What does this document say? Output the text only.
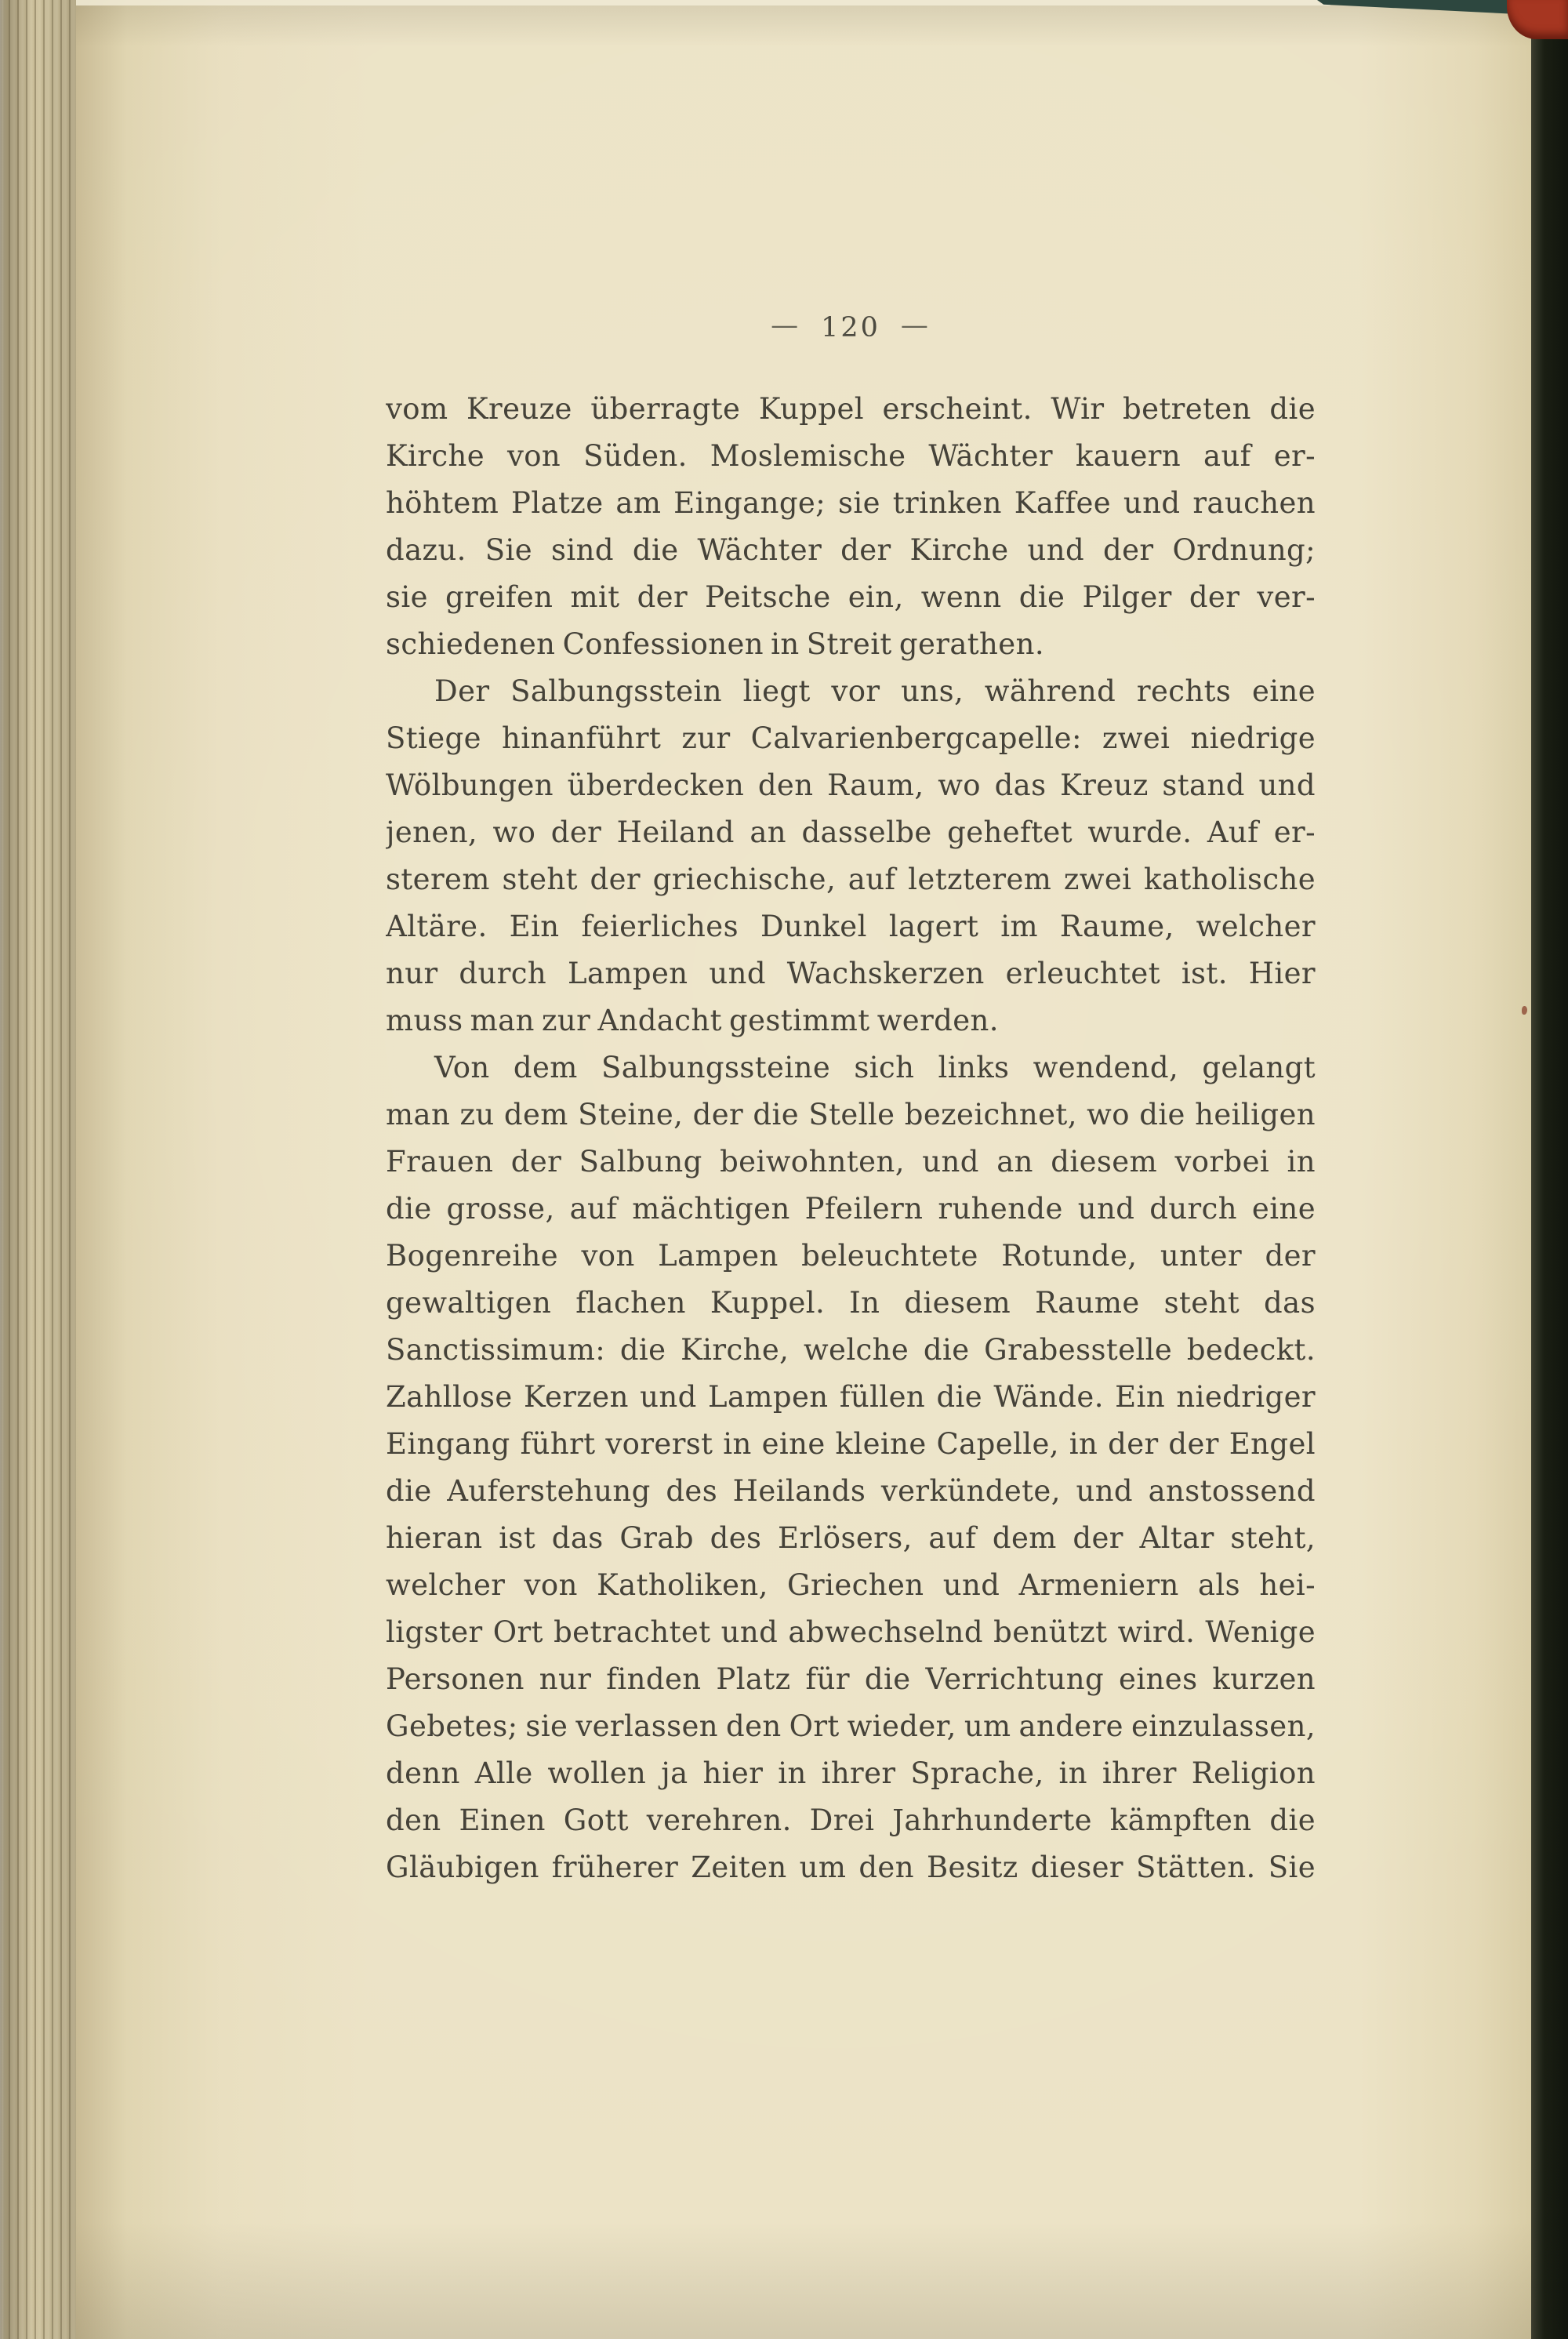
— 120 —
vom Kreuze überragte Kuppel erscheint. Wir betreten die
Kirche von Süden. Moslemische Wächter kauern auf er-
höhtem Platze am Eingange; sie trinken Kaffee und rauchen
dazu. Sie sind die Wächter der Kirche und der Ordnung;
sie greifen mit der Peitsche ein, wenn die Pilger der ver-
schiedenen Confessionen in Streit gerathen.
Der Salbungsstein liegt vor uns, während rechts eine
Stiege hinanführt zur Calvarienbergcapelle: zwei niedrige
Wölbungen überdecken den Raum, wo das Kreuz stand und
jenen, wo der Heiland an dasselbe geheftet wurde. Auf er-
sterem steht der griechische, auf letzterem zwei katholische
Altäre. Ein feierliches Dunkel lagert im Raume, welcher
nur durch Lampen und Wachskerzen erleuchtet ist. Hier
muss man zur Andacht gestimmt werden.
Von dem Salbungssteine sich links wendend, gelangt
man zu dem Steine, der die Stelle bezeichnet, wo die heiligen
Frauen der Salbung beiwohnten, und an diesem vorbei in
die grosse, auf mächtigen Pfeilern ruhende und durch eine
Bogenreihe von Lampen beleuchtete Rotunde, unter der
gewaltigen flachen Kuppel. In diesem Raume steht das
Sanctissimum: die Kirche, welche die Grabesstelle bedeckt.
Zahllose Kerzen und Lampen füllen die Wände. Ein niedriger
Eingang führt vorerst in eine kleine Capelle, in der der Engel
die Auferstehung des Heilands verkündete, und anstossend
hieran ist das Grab des Erlösers, auf dem der Altar steht,
welcher von Katholiken, Griechen und Armeniern als hei-
ligster Ort betrachtet und abwechselnd benützt wird. Wenige
Personen nur finden Platz für die Verrichtung eines kurzen
Gebetes; sie verlassen den Ort wieder, um andere einzulassen,
denn Alle wollen ja hier in ihrer Sprache, in ihrer Religion
den Einen Gott verehren. Drei Jahrhunderte kämpften die
Gläubigen früherer Zeiten um den Besitz dieser Stätten. Sie
